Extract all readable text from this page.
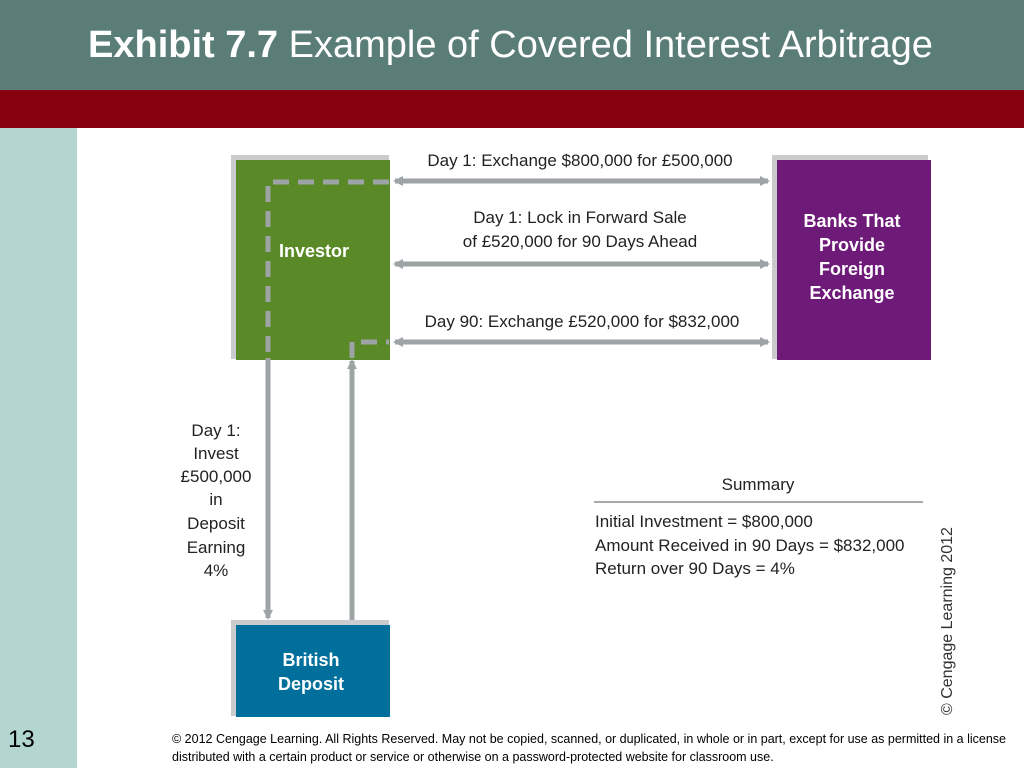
Exhibit 7.7 Example of Covered Interest Arbitrage
13
Investor
Banks That
Provide
Foreign
Exchange
British
Deposit
Day 1: Exchange $800,000 for £500,000
Day 1: Lock in Forward Sale
of £520,000 for 90 Days Ahead
Day 90: Exchange £520,000 for $832,000
Day 1:
Invest
£500,000
in
Deposit
Earning
4%
Summary
Initial Investment = $800,000
Amount Received in 90 Days = $832,000
Return over 90 Days = 4%	© Cengage Learning 2012
© 2012 Cengage Learning. All Rights Reserved. May not be copied, scanned, or duplicated, in whole or in part, except for use as permitted in a license distributed with a certain product or service or otherwise on a password-protected website for classroom use.
